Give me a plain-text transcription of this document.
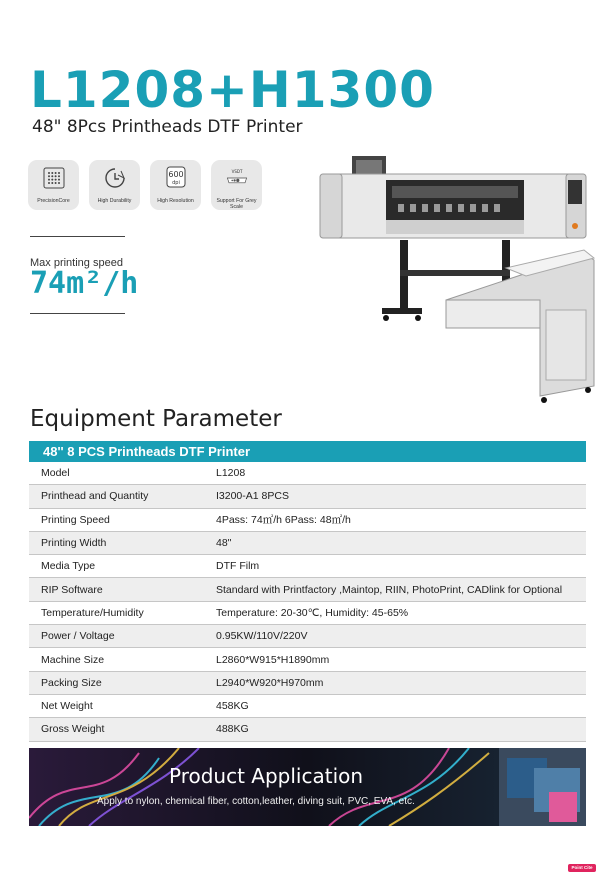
L1208+H1300

48" 8Pcs Printheads DTF Printer

PrecisionCore	High Durability
600
dpi
High Resolution
VSDT
Support For Grey Scale

Max printing speed

74m²/h

Equipment Parameter
48'' 8 PCS Printheads DTF Printer
Model	L1208
Printhead and Quantity	I3200-A1 8PCS
Printing Speed	4Pass: 74㎡/h 6Pass: 48㎡/h
Printing Width	48"
Media Type	DTF Film
RIP Software	Standard with Printfactory ,Maintop, RIIN, PhotoPrint, CADlink for Optional
Temperature/Humidity	Temperature: 20-30℃, Humidity: 45-65%
Power / Voltage	0.95KW/110V/220V
Machine Size	L2860*W915*H1890mm
Packing Size	L2940*W920*H970mm
Net Weight	458KG
Gross Weight	488KG
Product Application

Apply to nylon, chemical fiber, cotton,leather, diving suit, PVC, EVA, etc.

Point Cite
